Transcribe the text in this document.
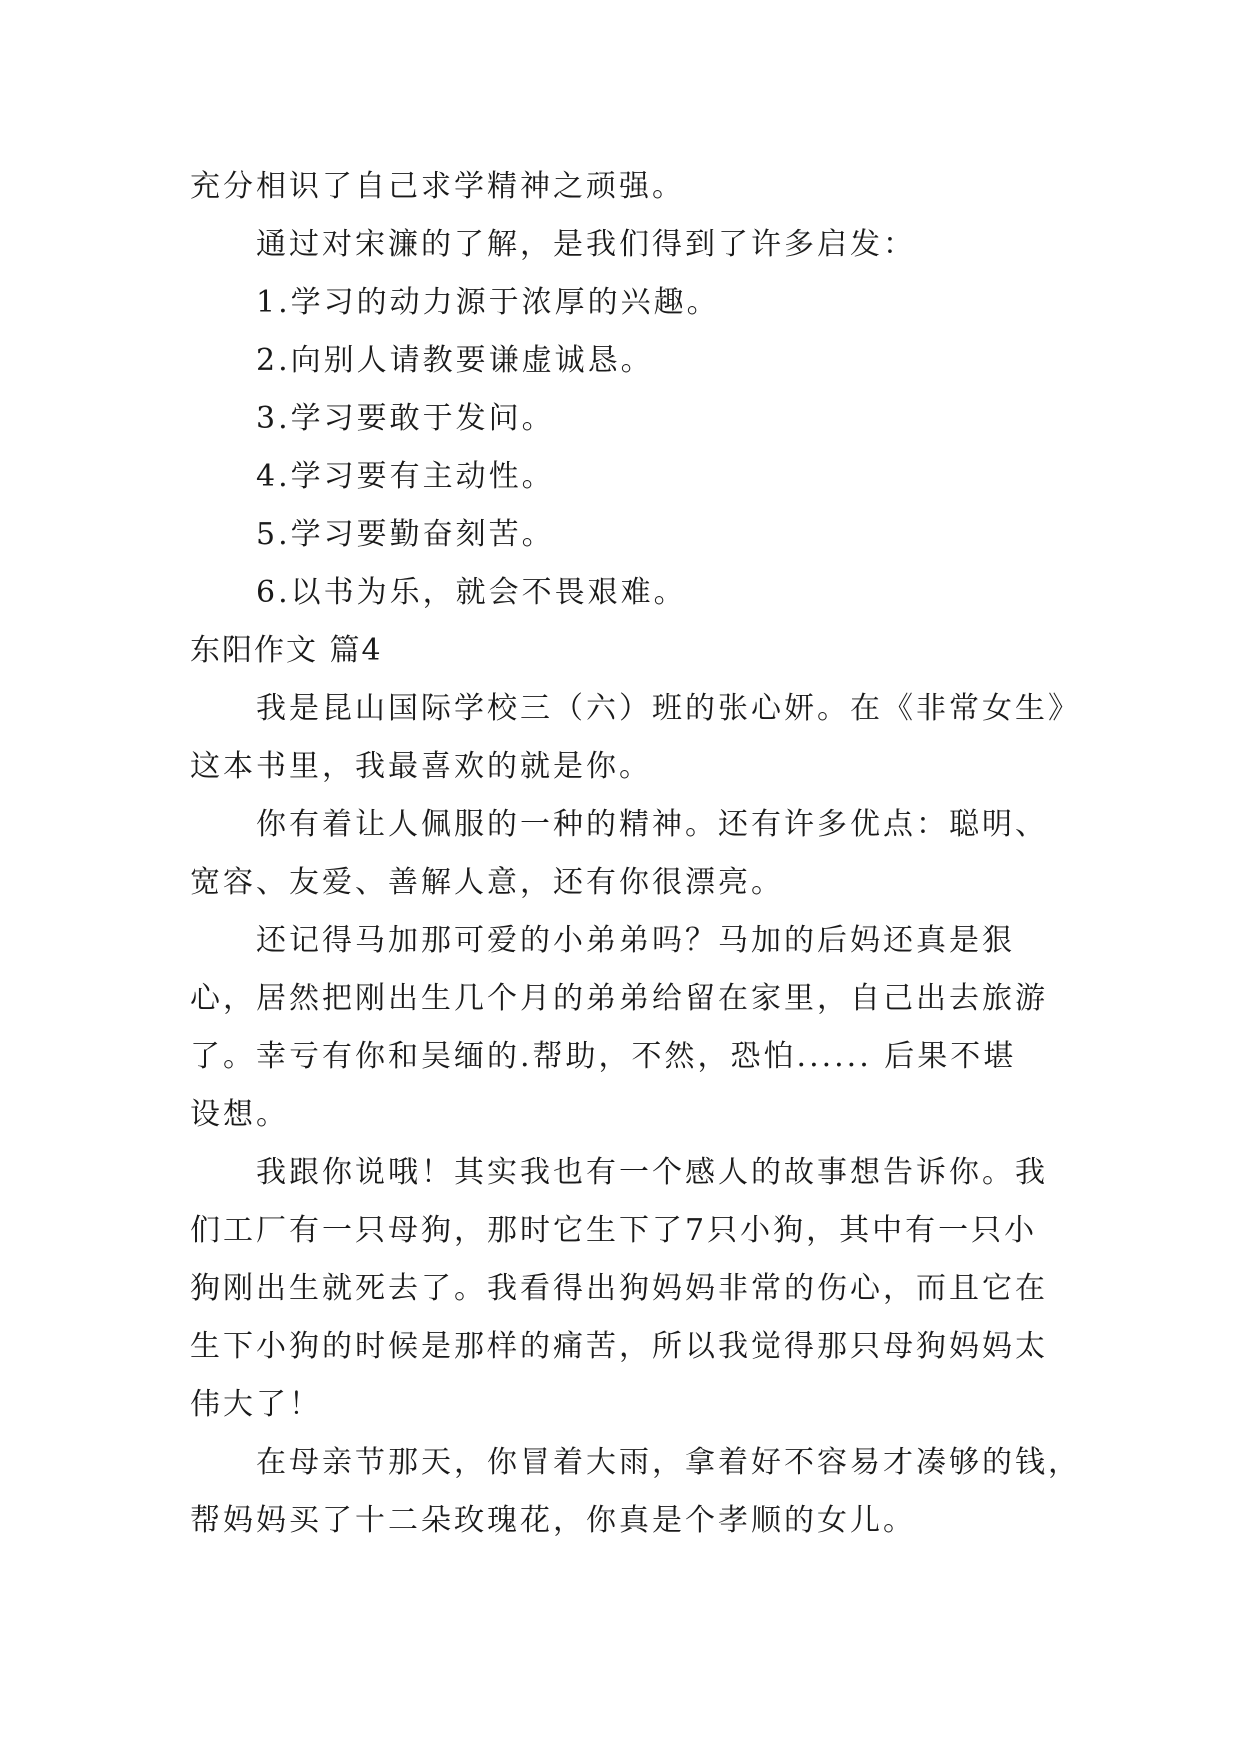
充分相识了自己求学精神之顽强。
通过对宋濂的了解，是我们得到了许多启发：
1.学习的动力源于浓厚的兴趣。
2.向别人请教要谦虚诚恳。
3.学习要敢于发问。
4.学习要有主动性。
5.学习要勤奋刻苦。
6.以书为乐，就会不畏艰难。
东阳作文 篇4
我是昆山国际学校三（六）班的张心妍。在《非常女生》
这本书里，我最喜欢的就是你。
你有着让人佩服的一种的精神。还有许多优点：聪明、
宽容、友爱、善解人意，还有你很漂亮。
还记得马加那可爱的小弟弟吗？马加的后妈还真是狠
心，居然把刚出生几个月的弟弟给留在家里，自己出去旅游
了。幸亏有你和吴缅的.帮助，不然，恐怕...... 后果不堪
设想。
我跟你说哦！其实我也有一个感人的故事想告诉你。我
们工厂有一只母狗，那时它生下了7只小狗，其中有一只小
狗刚出生就死去了。我看得出狗妈妈非常的伤心，而且它在
生下小狗的时候是那样的痛苦，所以我觉得那只母狗妈妈太
伟大了！
在母亲节那天，你冒着大雨，拿着好不容易才凑够的钱，
帮妈妈买了十二朵玫瑰花，你真是个孝顺的女儿。
